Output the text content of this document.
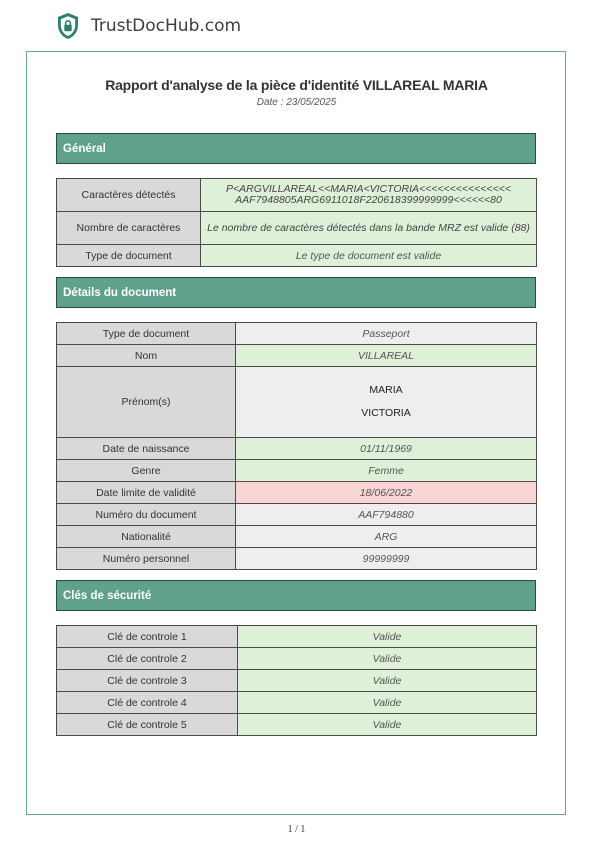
TrustDocHub.com
Rapport d'analyse de la pièce d'identité VILLAREAL MARIA
Date : 23/05/2025
Général
Caractères détectés	P<ARGVILLAREAL<<MARIA<VICTORIA<<<<<<<<<<<<<<<
AAF7948805ARG6911018F220618399999999<<<<<<80
Nombre de caractères	Le nombre de caractères détectés dans la bande MRZ est valide (88)
Type de document	Le type de document est valide
Détails du document
Type de document	Passeport
Nom	VILLAREAL
Prénom(s)	MARIA
VICTORIA

Date de naissance	01/11/1969
Genre	Femme
Date limite de validité	18/06/2022
Numéro du document	AAF794880
Nationalité	ARG
Numéro personnel	99999999
Clés de sécurité
Clé de controle 1	Valide
Clé de controle 2	Valide
Clé de controle 3	Valide
Clé de controle 4	Valide
Clé de controle 5	Valide
1 / 1
